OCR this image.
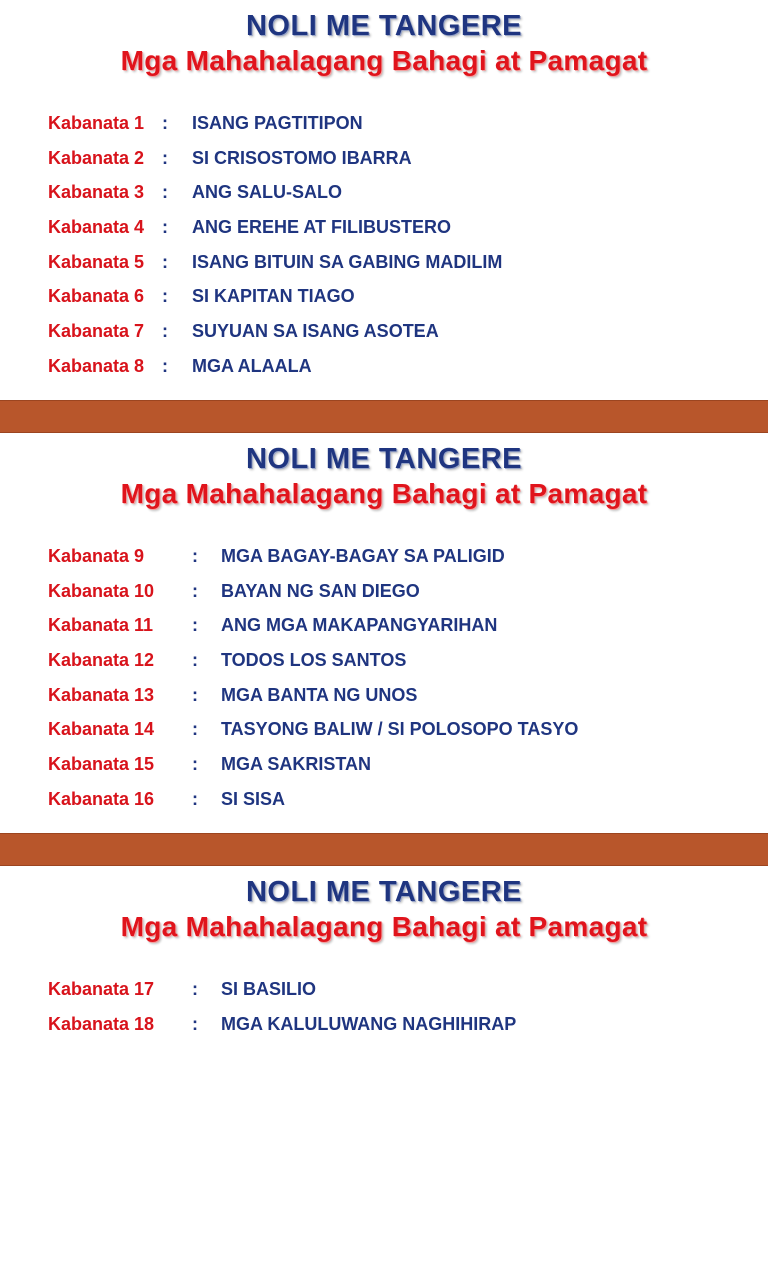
NOLI ME TANGERE
Mga Mahahalagang Bahagi at Pamagat
Kabanata 1 : ISANG PAGTITIPON
Kabanata 2 : SI CRISOSTOMO IBARRA
Kabanata 3 : ANG SALU-SALO
Kabanata 4 : ANG EREHE AT FILIBUSTERO
Kabanata 5 : ISANG BITUIN SA GABING MADILIM
Kabanata 6 : SI KAPITAN TIAGO
Kabanata 7 : SUYUAN SA ISANG ASOTEA
Kabanata 8 : MGA ALAALA
NOLI ME TANGERE
Mga Mahahalagang Bahagi at Pamagat
Kabanata 9	: MGA BAGAY-BAGAY SA PALIGID
Kabanata 10 : BAYAN NG SAN DIEGO
Kabanata 11 : ANG MGA MAKAPANGYARIHAN
Kabanata 12 : TODOS LOS SANTOS
Kabanata 13 : MGA BANTA NG UNOS
Kabanata 14 : TASYONG BALIW / SI POLOSOPO TASYO
Kabanata 15 : MGA SAKRISTAN
Kabanata 16 : SI SISA
NOLI ME TANGERE
Mga Mahahalagang Bahagi at Pamagat
Kabanata 17 : SI BASILIO
Kabanata 18 : MGA KALULUWANG NAGHIHIRAP
